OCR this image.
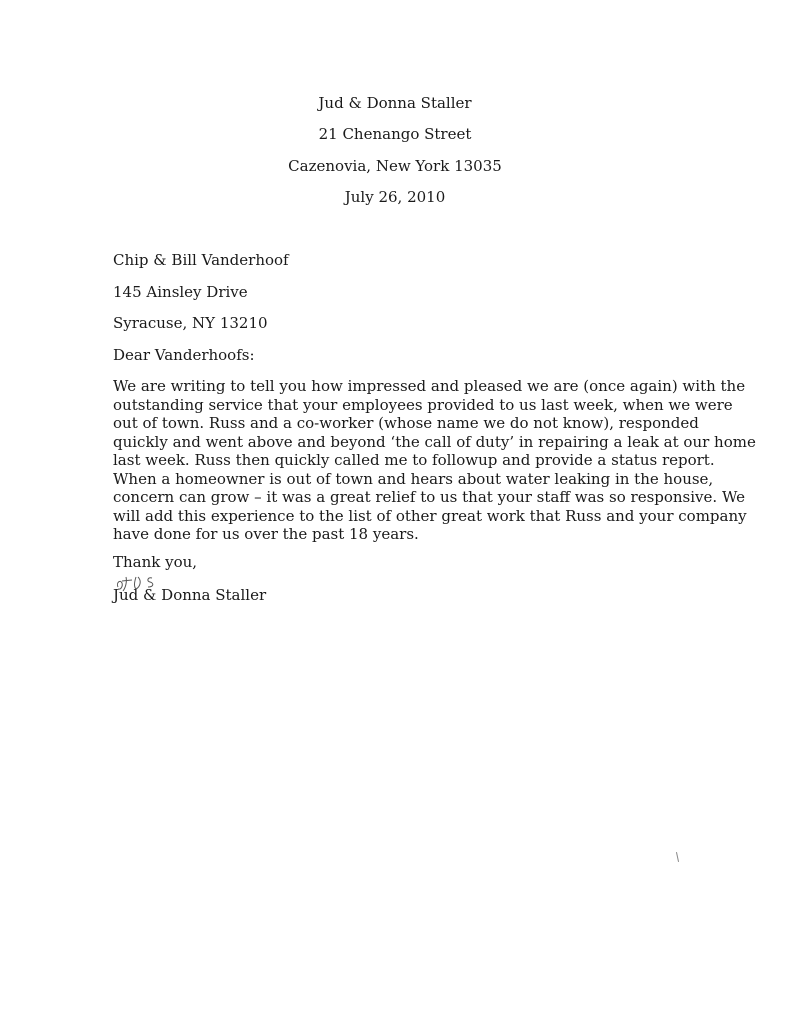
Jud & Donna Staller
21 Chenango Street
Cazenovia, New York 13035
July 26, 2010
Chip & Bill Vanderhoof
145 Ainsley Drive
Syracuse, NY 13210
Dear Vanderhoofs:
We are writing to tell you how impressed and pleased we are (once again) with the
outstanding service that your employees provided to us last week, when we were
out of town. Russ and a co-worker (whose name we do not know), responded
quickly and went above and beyond ‘the call of duty’ in repairing a leak at our home
last week. Russ then quickly called me to followup and provide a status report.
When a homeowner is out of town and hears about water leaking in the house,
concern can grow – it was a great relief to us that your staff was so responsive. We
will add this experience to the list of other great work that Russ and your company
have done for us over the past 18 years.
Thank you,
Jud & Donna Staller
